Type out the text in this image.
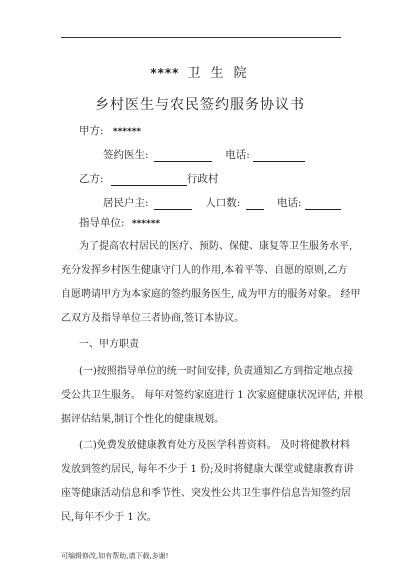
**** 卫 生 院
乡村医生与农民签约服务协议书
甲方: ******
签约医生:	电话:
乙方:	行政村
居民户主:	人口数:	电话:
指导单位: ******
为了提高农村居民的医疗、预防、保健、康复等卫生服务水平,
充分发挥乡村医生健康守门人的作用,本着平等、自愿的原则,乙方
自愿聘请甲方为本家庭的签约服务医生, 成为甲方的服务对象。 经甲
乙双方及指导单位三者协商,签订本协议。
一、甲方职责
(一)按照指导单位的统一时间安排, 负责通知乙方到指定地点接
受公共卫生服务。 每年对签约家庭进行 1 次家庭健康状况评估, 并根
据评估结果,制订个性化的健康规划。
(二)免费发放健康教育处方及医学科普资料。 及时将健教材料
发放到签约居民, 每年不少于 1 份;及时将健康大课堂或健康教育讲
座等健康活动信息和季节性、突发性公共卫生事件信息告知签约居
民,每年不少于 1 次。
可编辑修改,如有帮助,请下载,多谢!
